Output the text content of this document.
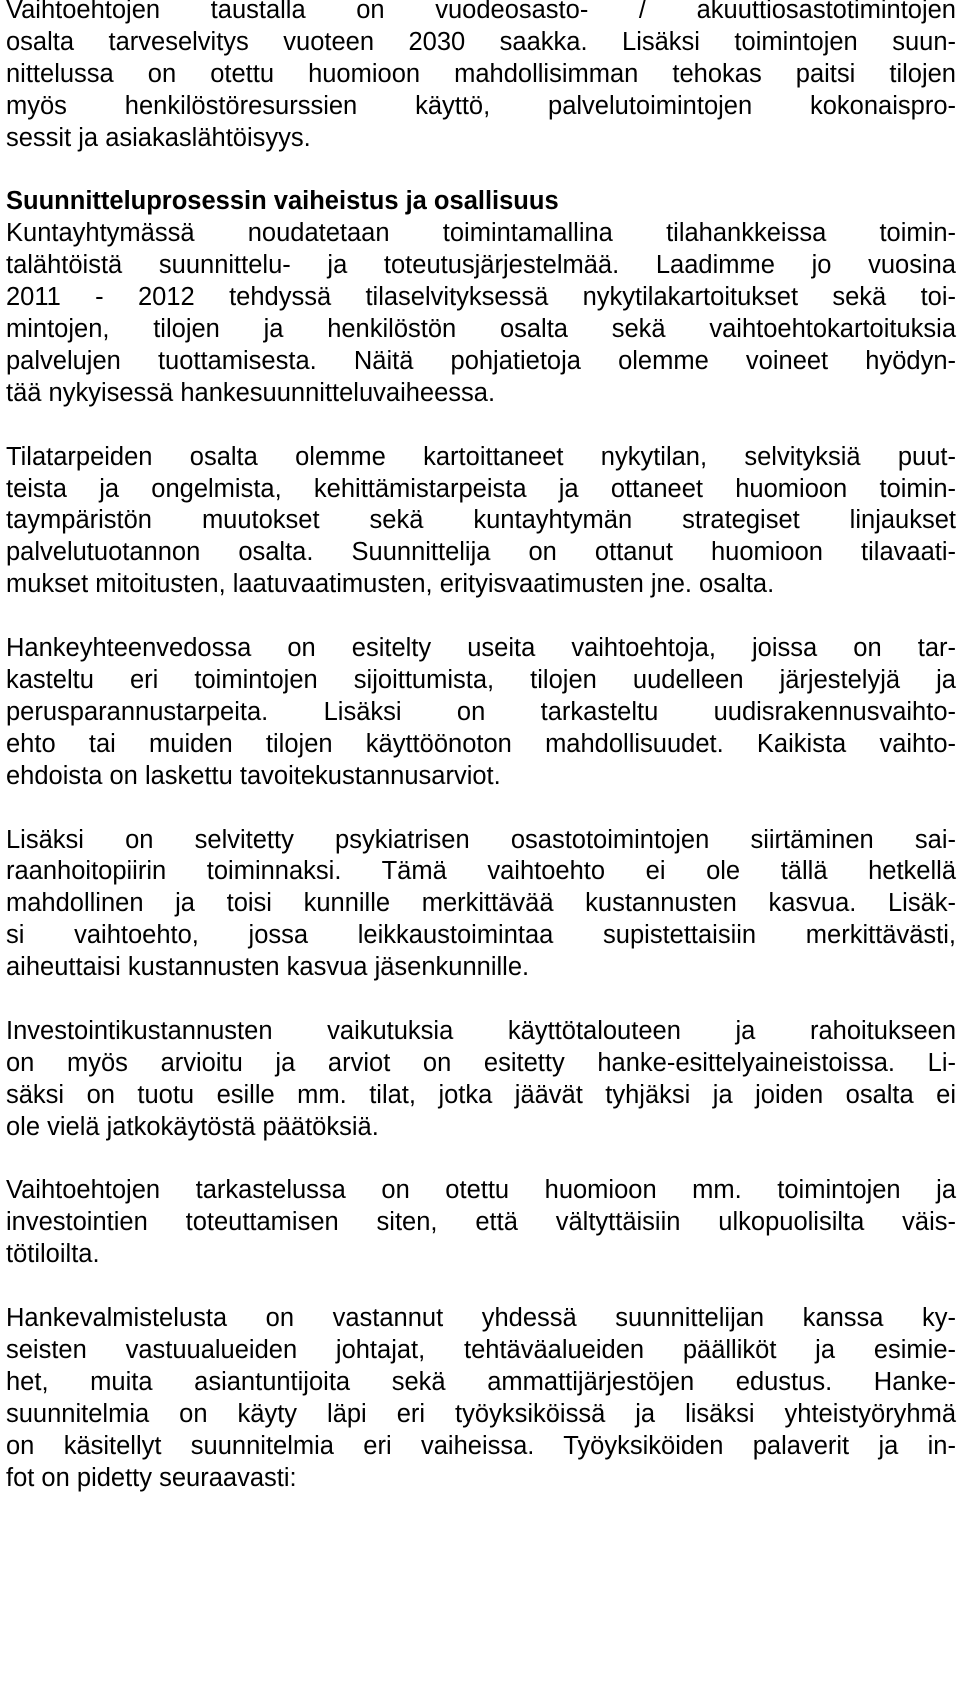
Vaihtoehtojen taustalla on vuodeosasto- / akuuttiosastotimintojen
osalta tarveselvitys vuoteen 2030 saakka. Lisäksi toimintojen suun-
nittelussa on otettu huomioon mahdollisimman tehokas paitsi tilojen
myös henkilöstöresurssien käyttö, palvelutoimintojen kokonaispro-
sessit ja asiakaslähtöisyys.
Suunnitteluprosessin vaiheistus ja osallisuus
Kuntayhtymässä noudatetaan toimintamallina tilahankkeissa toimin-
talähtöistä suunnittelu- ja toteutusjärjestelmää. Laadimme jo vuosina
2011 - 2012 tehdyssä tilaselvityksessä nykytilakartoitukset sekä toi-
mintojen, tilojen ja henkilöstön osalta sekä vaihtoehtokartoituksia
palvelujen tuottamisesta. Näitä pohjatietoja olemme voineet hyödyn-
tää nykyisessä hankesuunnitteluvaiheessa.
Tilatarpeiden osalta olemme kartoittaneet nykytilan, selvityksiä puut-
teista ja ongelmista, kehittämistarpeista ja ottaneet huomioon toimin-
taympäristön muutokset sekä kuntayhtymän strategiset linjaukset
palvelutuotannon osalta. Suunnittelija on ottanut huomioon tilavaati-
mukset mitoitusten, laatuvaatimusten, erityisvaatimusten jne. osalta.
Hankeyhteenvedossa on esitelty useita vaihtoehtoja, joissa on tar-
kasteltu eri toimintojen sijoittumista, tilojen uudelleen järjestelyjä ja
perusparannustarpeita. Lisäksi on tarkasteltu uudisrakennusvaihto-
ehto tai muiden tilojen käyttöönoton mahdollisuudet. Kaikista vaihto-
ehdoista on laskettu tavoitekustannusarviot.
Lisäksi on selvitetty psykiatrisen osastotoimintojen siirtäminen sai-
raanhoitopiirin toiminnaksi. Tämä vaihtoehto ei ole tällä hetkellä
mahdollinen ja toisi kunnille merkittävää kustannusten kasvua. Lisäk-
si vaihtoehto, jossa leikkaustoimintaa supistettaisiin merkittävästi,
aiheuttaisi kustannusten kasvua jäsenkunnille.
Investointikustannusten vaikutuksia käyttötalouteen ja rahoitukseen
on myös arvioitu ja arviot on esitetty hanke-esittelyaineistoissa. Li-
säksi on tuotu esille mm. tilat, jotka jäävät tyhjäksi ja joiden osalta ei
ole vielä jatkokäytöstä päätöksiä.
Vaihtoehtojen tarkastelussa on otettu huomioon mm. toimintojen ja
investointien toteuttamisen siten, että vältyttäisiin ulkopuolisilta väis-
tötiloilta.
Hankevalmistelusta on vastannut yhdessä suunnittelijan kanssa ky-
seisten vastuualueiden johtajat, tehtäväalueiden päälliköt ja esimie-
het, muita asiantuntijoita sekä ammattijärjestöjen edustus. Hanke-
suunnitelmia on käyty läpi eri työyksiköissä ja lisäksi yhteistyöryhmä
on käsitellyt suunnitelmia eri vaiheissa. Työyksiköiden palaverit ja in-
fot on pidetty seuraavasti:
